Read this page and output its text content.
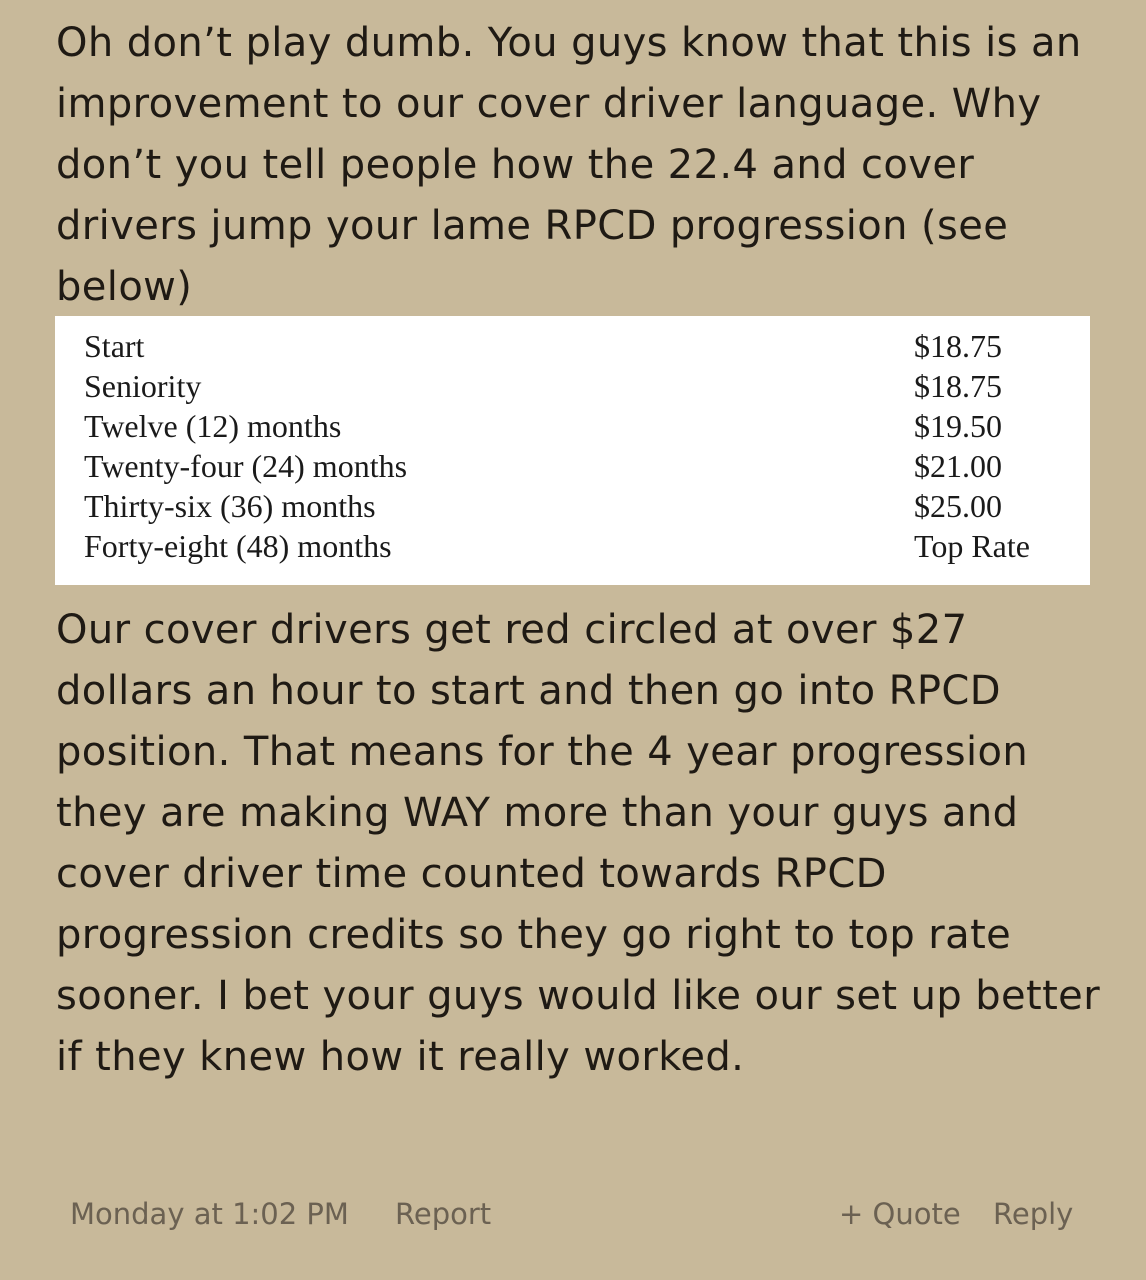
Oh don’t play dumb. You guys know that this is an improvement to our cover driver language. Why don’t you tell people how the 22.4 and cover drivers jump your lame RPCD progression (see below)

Start	$18.75
Seniority	$18.75
Twelve (12) months	$19.50
Twenty-four (24) months	$21.00
Thirty-six (36) months	$25.00
Forty-eight (48) months	Top Rate

Our cover drivers get red circled at over $27 dollars an hour to start and then go into RPCD position. That means for the 4 year progression they are making WAY more than your guys and cover driver time counted towards RPCD progression credits so they go right to top rate sooner. I bet your guys would like our set up better if they knew how it really worked.

Monday at 1:02 PM Report	+ Quote Reply
